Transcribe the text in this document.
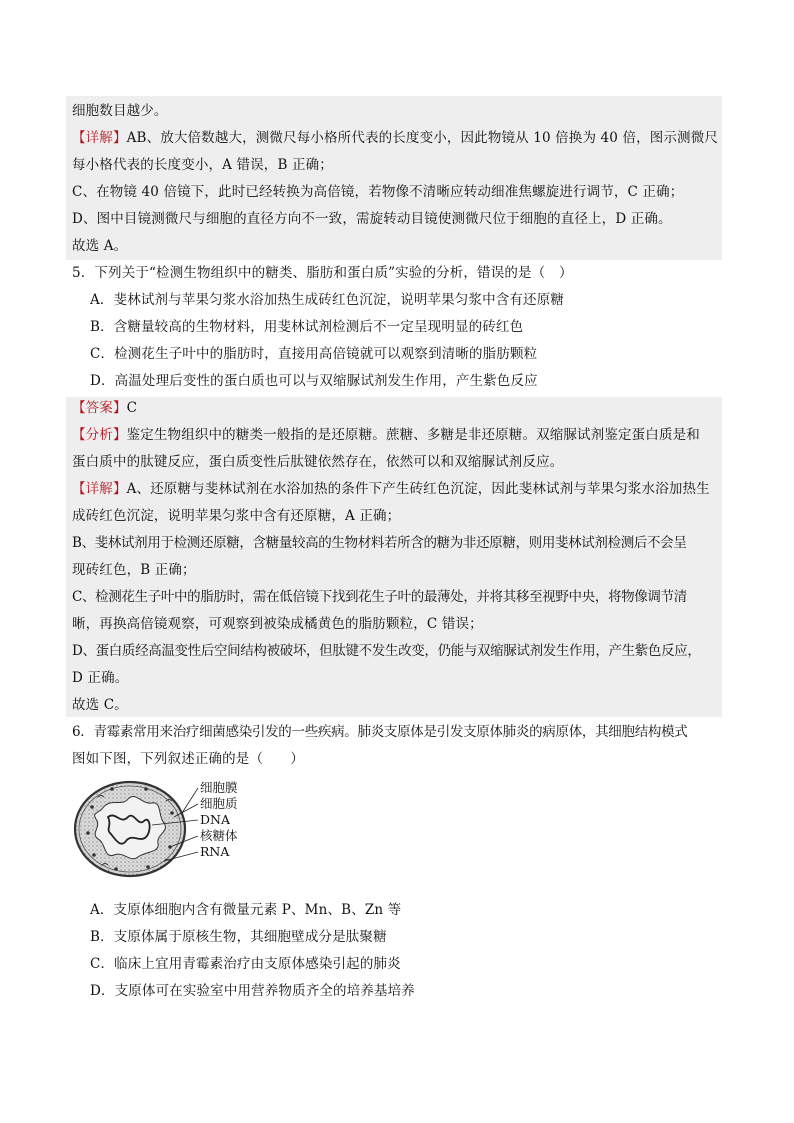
细胞数目越少。
【详解】AB、放大倍数越大，测微尺每小格所代表的长度变小，因此物镜从 10 倍换为 40 倍，图示测微尺
每小格代表的长度变小，A 错误，B 正确；
C、在物镜 40 倍镜下，此时已经转换为高倍镜，若物像不清晰应转动细准焦螺旋进行调节，C 正确；
D、图中目镜测微尺与细胞的直径方向不一致，需旋转动目镜使测微尺位于细胞的直径上，D 正确。
故选 A。
5．下列关于“检测生物组织中的糖类、脂肪和蛋白质”实验的分析，错误的是（　）
A．斐林试剂与苹果匀浆水浴加热生成砖红色沉淀，说明苹果匀浆中含有还原糖
B．含糖量较高的生物材料，用斐林试剂检测后不一定呈现明显的砖红色
C．检测花生子叶中的脂肪时，直接用高倍镜就可以观察到清晰的脂肪颗粒
D．高温处理后变性的蛋白质也可以与双缩脲试剂发生作用，产生紫色反应
【答案】C
【分析】鉴定生物组织中的糖类一般指的是还原糖。蔗糖、多糖是非还原糖。双缩脲试剂鉴定蛋白质是和
蛋白质中的肽键反应，蛋白质变性后肽键依然存在，依然可以和双缩脲试剂反应。
【详解】A、还原糖与斐林试剂在水浴加热的条件下产生砖红色沉淀，因此斐林试剂与苹果匀浆水浴加热生
成砖红色沉淀，说明苹果匀浆中含有还原糖，A 正确；
B、斐林试剂用于检测还原糖，含糖量较高的生物材料若所含的糖为非还原糖，则用斐林试剂检测后不会呈
现砖红色，B 正确；
C、检测花生子叶中的脂肪时，需在低倍镜下找到花生子叶的最薄处，并将其移至视野中央，将物像调节清
晰，再换高倍镜观察，可观察到被染成橘黄色的脂肪颗粒，C 错误；
D、蛋白质经高温变性后空间结构被破坏，但肽键不发生改变，仍能与双缩脲试剂发生作用，产生紫色反应，
D 正确。
故选 C。
6．青霉素常用来治疗细菌感染引发的一些疾病。肺炎支原体是引发支原体肺炎的病原体，其细胞结构模式
图如下图，下列叙述正确的是（　　）
细胞膜
细胞质
DNA
核糖体
RNA
A．支原体细胞内含有微量元素 P、Mn、B、Zn 等
B．支原体属于原核生物，其细胞壁成分是肽聚糖
C．临床上宜用青霉素治疗由支原体感染引起的肺炎
D．支原体可在实验室中用营养物质齐全的培养基培养
